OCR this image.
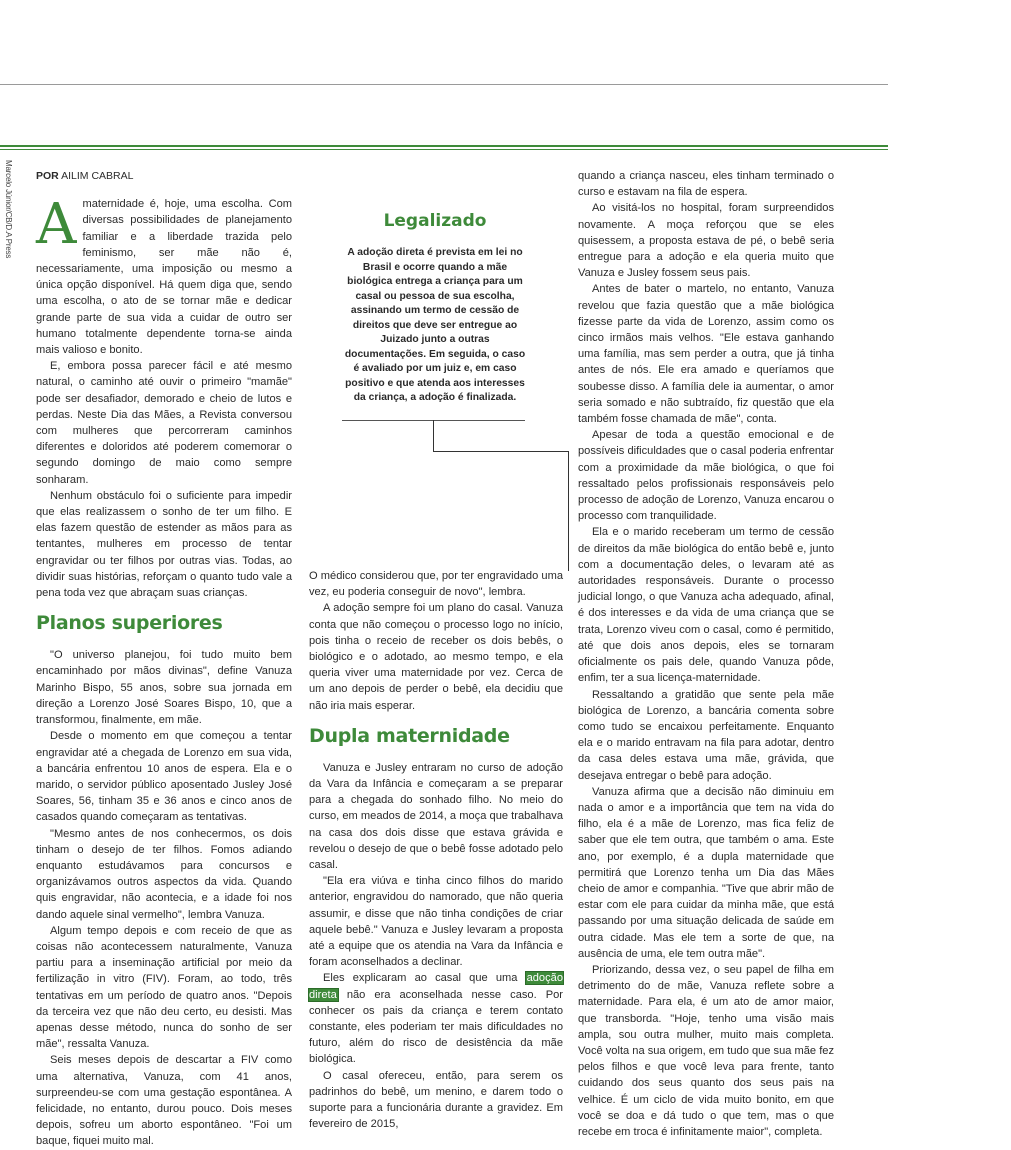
Marcelo Júnior/CB/D.A Press POR AILIM CABRAL

Amaternidade é, hoje, uma escolha. Com diversas possibilidades de planejamento familiar e a liberdade trazida pelo feminismo, ser mãe não é, necessariamente, uma imposição ou mesmo a única opção disponível. Há quem diga que, sendo uma escolha, o ato de se tornar mãe e dedicar grande parte de sua vida a cuidar de outro ser humano totalmente dependente torna-se ainda mais valioso e bonito.

E, embora possa parecer fácil e até mesmo natural, o caminho até ouvir o primeiro "mamãe" pode ser desafiador, demorado e cheio de lutos e perdas. Neste Dia das Mães, a Revista conversou com mulheres que percorreram caminhos diferentes e doloridos até poderem comemorar o segundo domingo de maio como sempre sonharam.

Nenhum obstáculo foi o suficiente para impedir que elas realizassem o sonho de ter um filho. E elas fazem questão de estender as mãos para as tentantes, mulheres em processo de tentar engravidar ou ter filhos por outras vias. Todas, ao dividir suas histórias, reforçam o quanto tudo vale a pena toda vez que abraçam suas crianças.

Planos superiores

"O universo planejou, foi tudo muito bem encaminhado por mãos divinas", define Vanuza Marinho Bispo, 55 anos, sobre sua jornada em direção a Lorenzo José Soares Bispo, 10, que a transformou, finalmente, em mãe.

Desde o momento em que começou a tentar engravidar até a chegada de Lorenzo em sua vida, a bancária enfrentou 10 anos de espera. Ela e o marido, o servidor público aposentado Jusley José Soares, 56, tinham 35 e 36 anos e cinco anos de casados quando começaram as tentativas.

"Mesmo antes de nos conhecermos, os dois tinham o desejo de ter filhos. Fomos adiando enquanto estudávamos para concursos e organizávamos outros aspectos da vida. Quando quis engravidar, não acontecia, e a idade foi nos dando aquele sinal vermelho", lembra Vanuza.

Algum tempo depois e com receio de que as coisas não acontecessem naturalmente, Vanuza partiu para a inseminação artificial por meio da fertilização in vitro (FIV). Foram, ao todo, três tentativas em um período de quatro anos. "Depois da terceira vez que não deu certo, eu desisti. Mas apenas desse método, nunca do sonho de ser mãe", ressalta Vanuza.

Seis meses depois de descartar a FIV como uma alternativa, Vanuza, com 41 anos, surpreendeu-se com uma gestação espontânea. A felicidade, no entanto, durou pouco. Dois meses depois, sofreu um aborto espontâneo. "Foi um baque, fiquei muito mal.

Legalizado
A adoção direta é prevista em lei no Brasil e ocorre quando a mãe biológica entrega a criança para um casal ou pessoa de sua escolha, assinando um termo de cessão de direitos que deve ser entregue ao Juizado junto a outras documentações. Em seguida, o caso é avaliado por um juiz e, em caso positivo e que atenda aos interesses da criança, a adoção é finalizada.

O médico considerou que, por ter engravidado uma vez, eu poderia conseguir de novo", lembra.

A adoção sempre foi um plano do casal. Vanuza conta que não começou o processo logo no início, pois tinha o receio de receber os dois bebês, o biológico e o adotado, ao mesmo tempo, e ela queria viver uma maternidade por vez. Cerca de um ano depois de perder o bebê, ela decidiu que não iria mais esperar.

Dupla maternidade

Vanuza e Jusley entraram no curso de adoção da Vara da Infância e começaram a se preparar para a chegada do sonhado filho. No meio do curso, em meados de 2014, a moça que trabalhava na casa dos dois disse que estava grávida e revelou o desejo de que o bebê fosse adotado pelo casal.

"Ela era viúva e tinha cinco filhos do marido anterior, engravidou do namorado, que não queria assumir, e disse que não tinha condições de criar aquele bebê." Vanuza e Jusley levaram a proposta até a equipe que os atendia na Vara da Infância e foram aconselhados a declinar.

Eles explicaram ao casal que uma adoção direta não era aconselhada nesse caso. Por conhecer os pais da criança e terem contato constante, eles poderiam ter mais dificuldades no futuro, além do risco de desistência da mãe biológica.

O casal ofereceu, então, para serem os padrinhos do bebê, um menino, e darem todo o suporte para a funcionária durante a gravidez. Em fevereiro de 2015,

quando a criança nasceu, eles tinham terminado o curso e estavam na fila de espera.

Ao visitá-los no hospital, foram surpreendidos novamente. A moça reforçou que se eles quisessem, a proposta estava de pé, o bebê seria entregue para a adoção e ela queria muito que Vanuza e Jusley fossem seus pais.

Antes de bater o martelo, no entanto, Vanuza revelou que fazia questão que a mãe biológica fizesse parte da vida de Lorenzo, assim como os cinco irmãos mais velhos. "Ele estava ganhando uma família, mas sem perder a outra, que já tinha antes de nós. Ele era amado e queríamos que soubesse disso. A família dele ia aumentar, o amor seria somado e não subtraído, fiz questão que ela também fosse chamada de mãe", conta.

Apesar de toda a questão emocional e de possíveis dificuldades que o casal poderia enfrentar com a proximidade da mãe biológica, o que foi ressaltado pelos profissionais responsáveis pelo processo de adoção de Lorenzo, Vanuza encarou o processo com tranquilidade.

Ela e o marido receberam um termo de cessão de direitos da mãe biológica do então bebê e, junto com a documentação deles, o levaram até as autoridades responsáveis. Durante o processo judicial longo, o que Vanuza acha adequado, afinal, é dos interesses e da vida de uma criança que se trata, Lorenzo viveu com o casal, como é permitido, até que dois anos depois, eles se tornaram oficialmente os pais dele, quando Vanuza pôde, enfim, ter a sua licença-maternidade.

Ressaltando a gratidão que sente pela mãe biológica de Lorenzo, a bancária comenta sobre como tudo se encaixou perfeitamente. Enquanto ela e o marido entravam na fila para adotar, dentro da casa deles estava uma mãe, grávida, que desejava entregar o bebê para adoção.

Vanuza afirma que a decisão não diminuiu em nada o amor e a importância que tem na vida do filho, ela é a mãe de Lorenzo, mas fica feliz de saber que ele tem outra, que também o ama. Este ano, por exemplo, é a dupla maternidade que permitirá que Lorenzo tenha um Dia das Mães cheio de amor e companhia. "Tive que abrir mão de estar com ele para cuidar da minha mãe, que está passando por uma situação delicada de saúde em outra cidade. Mas ele tem a sorte de que, na ausência de uma, ele tem outra mãe".

Priorizando, dessa vez, o seu papel de filha em detrimento do de mãe, Vanuza reflete sobre a maternidade. Para ela, é um ato de amor maior, que transborda. "Hoje, tenho uma visão mais ampla, sou outra mulher, muito mais completa. Você volta na sua origem, em tudo que sua mãe fez pelos filhos e que você leva para frente, tanto cuidando dos seus quanto dos seus pais na velhice. É um ciclo de vida muito bonito, em que você se doa e dá tudo o que tem, mas o que recebe em troca é infinitamente maior", completa.
